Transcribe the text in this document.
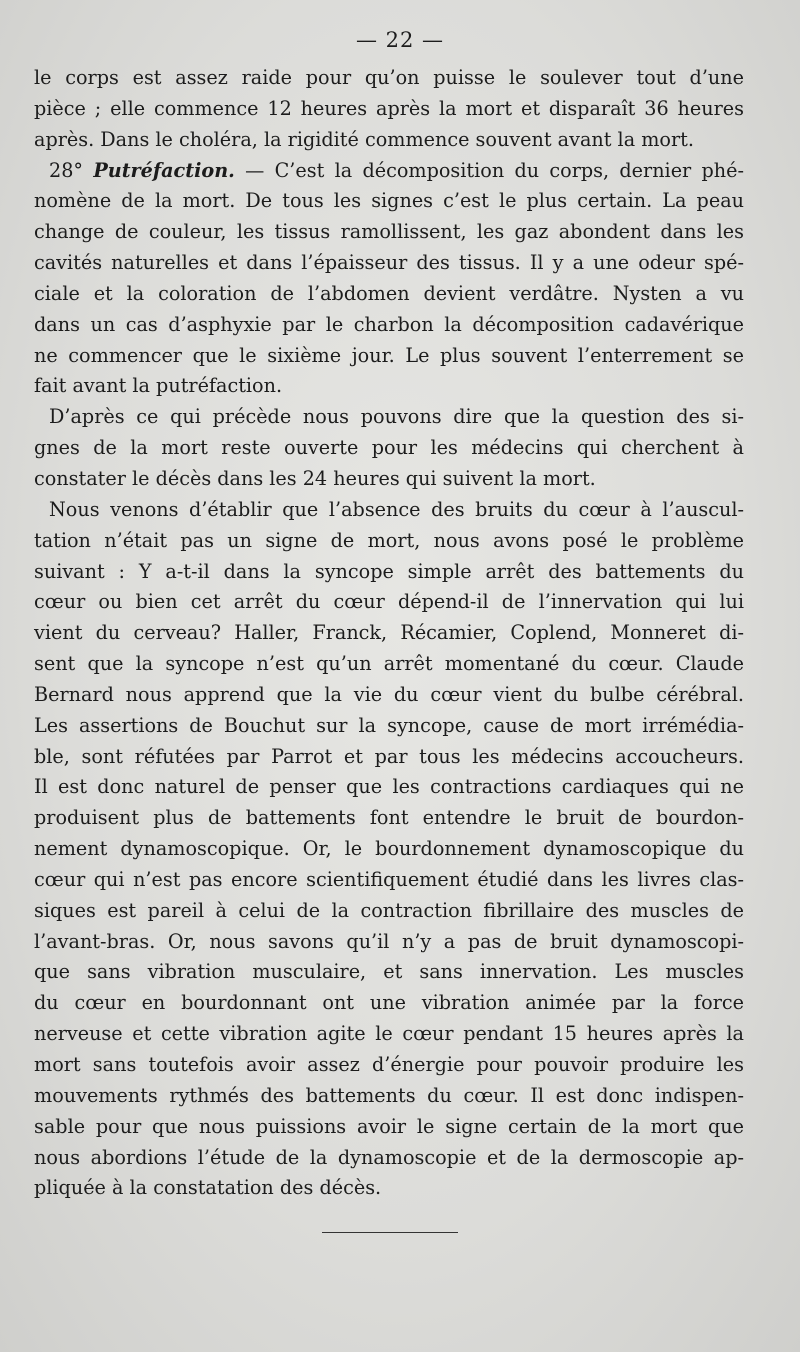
— 22 —
le corps est assez raide pour qu’on puisse le soulever tout d’une
pièce ; elle commence 12 heures après la mort et disparaît 36 heures
après. Dans le choléra, la rigidité commence souvent avant la mort.
28° Putréfaction. — C’est la décomposition du corps, dernier phé-
nomène de la mort. De tous les signes c’est le plus certain. La peau
change de couleur, les tissus ramollissent, les gaz abondent dans les
cavités naturelles et dans l’épaisseur des tissus. Il y a une odeur spé-
ciale et la coloration de l’abdomen devient verdâtre. Nysten a vu
dans un cas d’asphyxie par le charbon la décomposition cadavérique
ne commencer que le sixième jour. Le plus souvent l’enterrement se
fait avant la putréfaction.
D’après ce qui précède nous pouvons dire que la question des si-
gnes de la mort reste ouverte pour les médecins qui cherchent à
constater le décès dans les 24 heures qui suivent la mort.
Nous venons d’établir que l’absence des bruits du cœur à l’auscul-
tation n’était pas un signe de mort, nous avons posé le problème
suivant : Y a-t-il dans la syncope simple arrêt des battements du
cœur ou bien cet arrêt du cœur dépend-il de l’innervation qui lui
vient du cerveau? Haller, Franck, Récamier, Coplend, Monneret di-
sent que la syncope n’est qu’un arrêt momentané du cœur. Claude
Bernard nous apprend que la vie du cœur vient du bulbe cérébral.
Les assertions de Bouchut sur la syncope, cause de mort irrémédia-
ble, sont réfutées par Parrot et par tous les médecins accoucheurs.
Il est donc naturel de penser que les contractions cardiaques qui ne
produisent plus de battements font entendre le bruit de bourdon-
nement dynamoscopique. Or, le bourdonnement dynamoscopique du
cœur qui n’est pas encore scientifiquement étudié dans les livres clas-
siques est pareil à celui de la contraction fibrillaire des muscles de
l’avant-bras. Or, nous savons qu’il n’y a pas de bruit dynamoscopi-
que sans vibration musculaire, et sans innervation. Les muscles
du cœur en bourdonnant ont une vibration animée par la force
nerveuse et cette vibration agite le cœur pendant 15 heures après la
mort sans toutefois avoir assez d’énergie pour pouvoir produire les
mouvements rythmés des battements du cœur. Il est donc indispen-
sable pour que nous puissions avoir le signe certain de la mort que
nous abordions l’étude de la dynamoscopie et de la dermoscopie ap-
pliquée à la constatation des décès.
